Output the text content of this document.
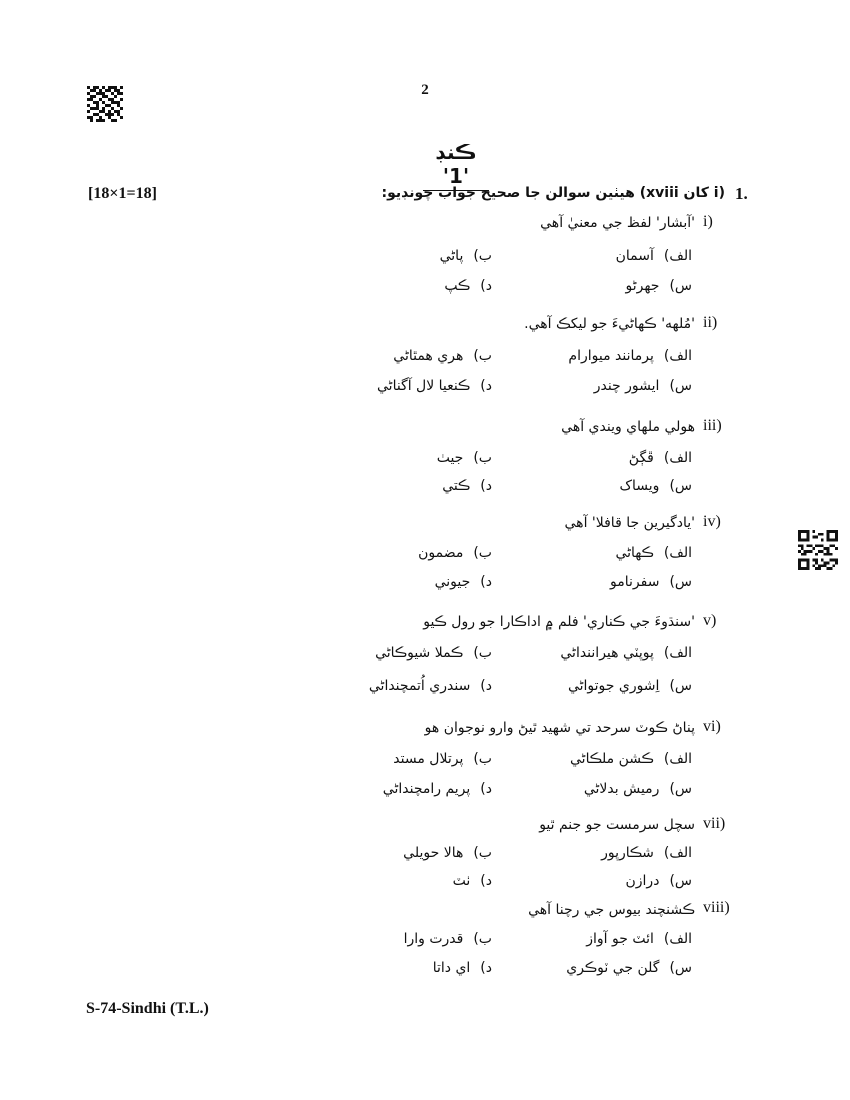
2
ڪنڊ '1'
[18×1=18]	(i کان xviii) هيٺين سوالن جا صحيح جواب چونڊيو: 1.
i)
'آبشار' لفظ جي معنيٰ آهي
الف)آسمان
ب)پاڻي
س)جهرڻو
د)ڪپ
ii)
'مُلهه' ڪهاڻيءَ جو ليکڪ آهي.
الف)پرمانند ميوارام
ب)هري همٿاڻي
س)ايشور چندر
د)ڪنعيا لال آگناڻي
iii)
هولي ملهاي ويندي آهي
الف)ڦڳڻ
ب)جيٺ
س)ويساک
د)ڪتي
iv)
'يادگيرين جا قافلا' آهي
الف)ڪهاڻي
ب)مضمون
س)سفرنامو
د)جيوني
v)
'سنڌوءَ جي ڪناري' فلم ۾ اداڪارا جو رول ڪيو
الف)پوپٽي هيراننداڻي
ب)ڪملا شيوڪاڻي
س)اِشوري جوتواڻي
د)سندري اُتمچنداڻي
vi)
پناڻ ڪوٽ سرحد تي شهيد ٿيڻ وارو نوجوان هو
الف)ڪشن ملڪاڻي
ب)پرتلال مستد
س)رميش بدلاڻي
د)پريم رامچنداڻي
vii)
سچل سرمست جو جنم ٿيو
الف)شڪارپور
ب)هالا حويلي
س)درازن
د)ٺٽ
viii)
ڪشنچند بيوس جي رچنا آهي
الف)ائٽ جو آواز
ب)قدرت وارا
س)گلن جي ٽوڪري
د)اي داتا
S-74-Sindhi (T.L.)
